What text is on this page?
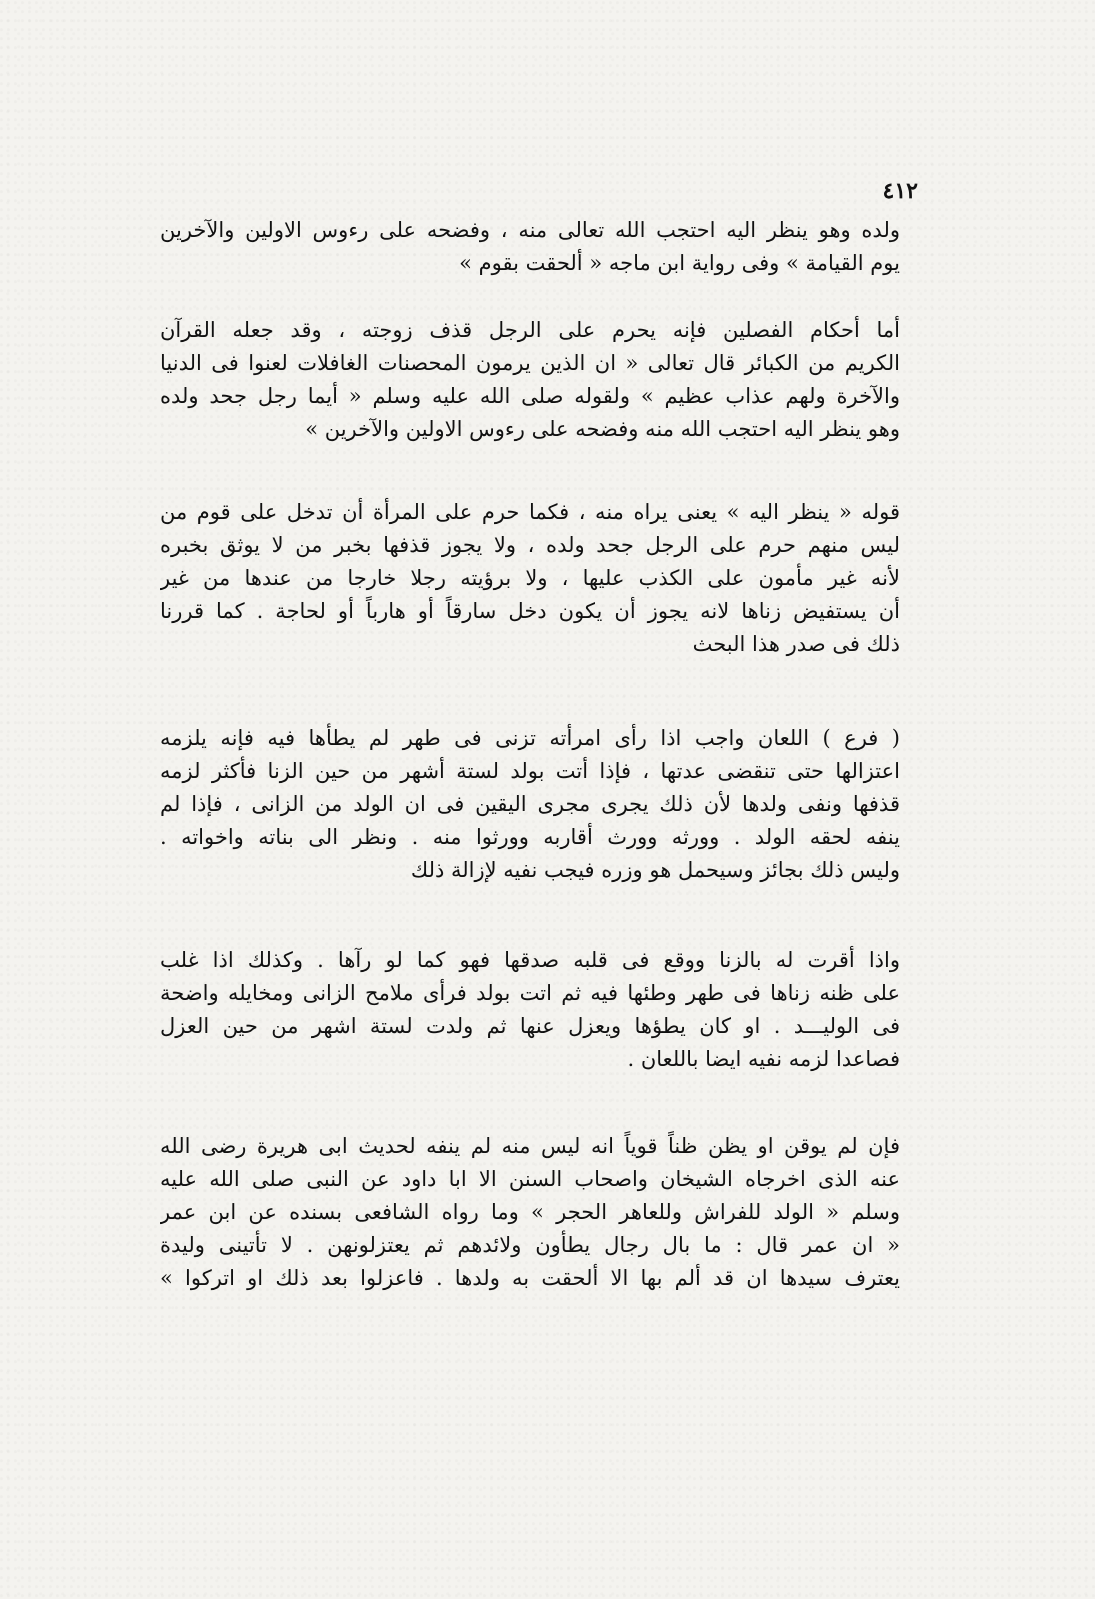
٤١٢
ولده وهو ينظر اليه احتجب الله تعالى منه ، وفضحه على رءوس الاولين والآخرين
يوم القيامة » وفى رواية ابن ماجه « ألحقت بقوم »
أما أحكام الفصلين فإنه يحرم على الرجل قذف زوجته ، وقد جعله القرآن
الكريم من الكبائر قال تعالى « ان الذين يرمون المحصنات الغافلات لعنوا فى الدنيا
والآخرة ولهم عذاب عظيم » ولقوله صلى الله عليه وسلم « أيما رجل جحد ولده
وهو ينظر اليه احتجب الله منه وفضحه على رءوس الاولين والآخرين »
قوله « ينظر اليه » يعنى يراه منه ، فكما حرم على المرأة أن تدخل على قوم من
ليس منهم حرم على الرجل جحد ولده ، ولا يجوز قذفها بخبر من لا يوثق بخبره
لأنه غير مأمون على الكذب عليها ، ولا برؤيته رجلا خارجا من عندها من غير
أن يستفيض زناها لانه يجوز أن يكون دخل سارقاً أو هارباً أو لحاجة . كما قررنا
ذلك فى صدر هذا البحث
( فرع ) اللعان واجب اذا رأى امرأته تزنى فى طهر لم يطأها فيه فإنه يلزمه
اعتزالها حتى تنقضى عدتها ، فإذا أتت بولد لستة أشهر من حين الزنا فأكثر لزمه
قذفها ونفى ولدها لأن ذلك يجرى مجرى اليقين فى ان الولد من الزانى ، فإذا لم
ينفه لحقه الولد . وورثه وورث أقاربه وورثوا منه . ونظر الى بناته واخواته .
وليس ذلك بجائز وسيحمل هو وزره فيجب نفيه لإزالة ذلك
واذا أقرت له بالزنا ووقع فى قلبه صدقها فهو كما لو رآها . وكذلك اذا غلب
على ظنه زناها فى طهر وطئها فيه ثم اتت بولد فرأى ملامح الزانى ومخايله واضحة
فى الوليـــد . او كان يطؤها ويعزل عنها ثم ولدت لستة اشهر من حين العزل
فصاعدا لزمه نفيه ايضا باللعان .
فإن لم يوقن او يظن ظناً قوياً انه ليس منه لم ينفه لحديث ابى هريرة رضى الله
عنه الذى اخرجاه الشيخان واصحاب السنن الا ابا داود عن النبى صلى الله عليه
وسلم « الولد للفراش وللعاهر الحجر » وما رواه الشافعى بسنده عن ابن عمر
« ان عمر قال : ما بال رجال يطأون ولائدهم ثم يعتزلونهن . لا تأتينى وليدة
يعترف سيدها ان قد ألم بها الا ألحقت به ولدها . فاعزلوا بعد ذلك او اتركوا »
